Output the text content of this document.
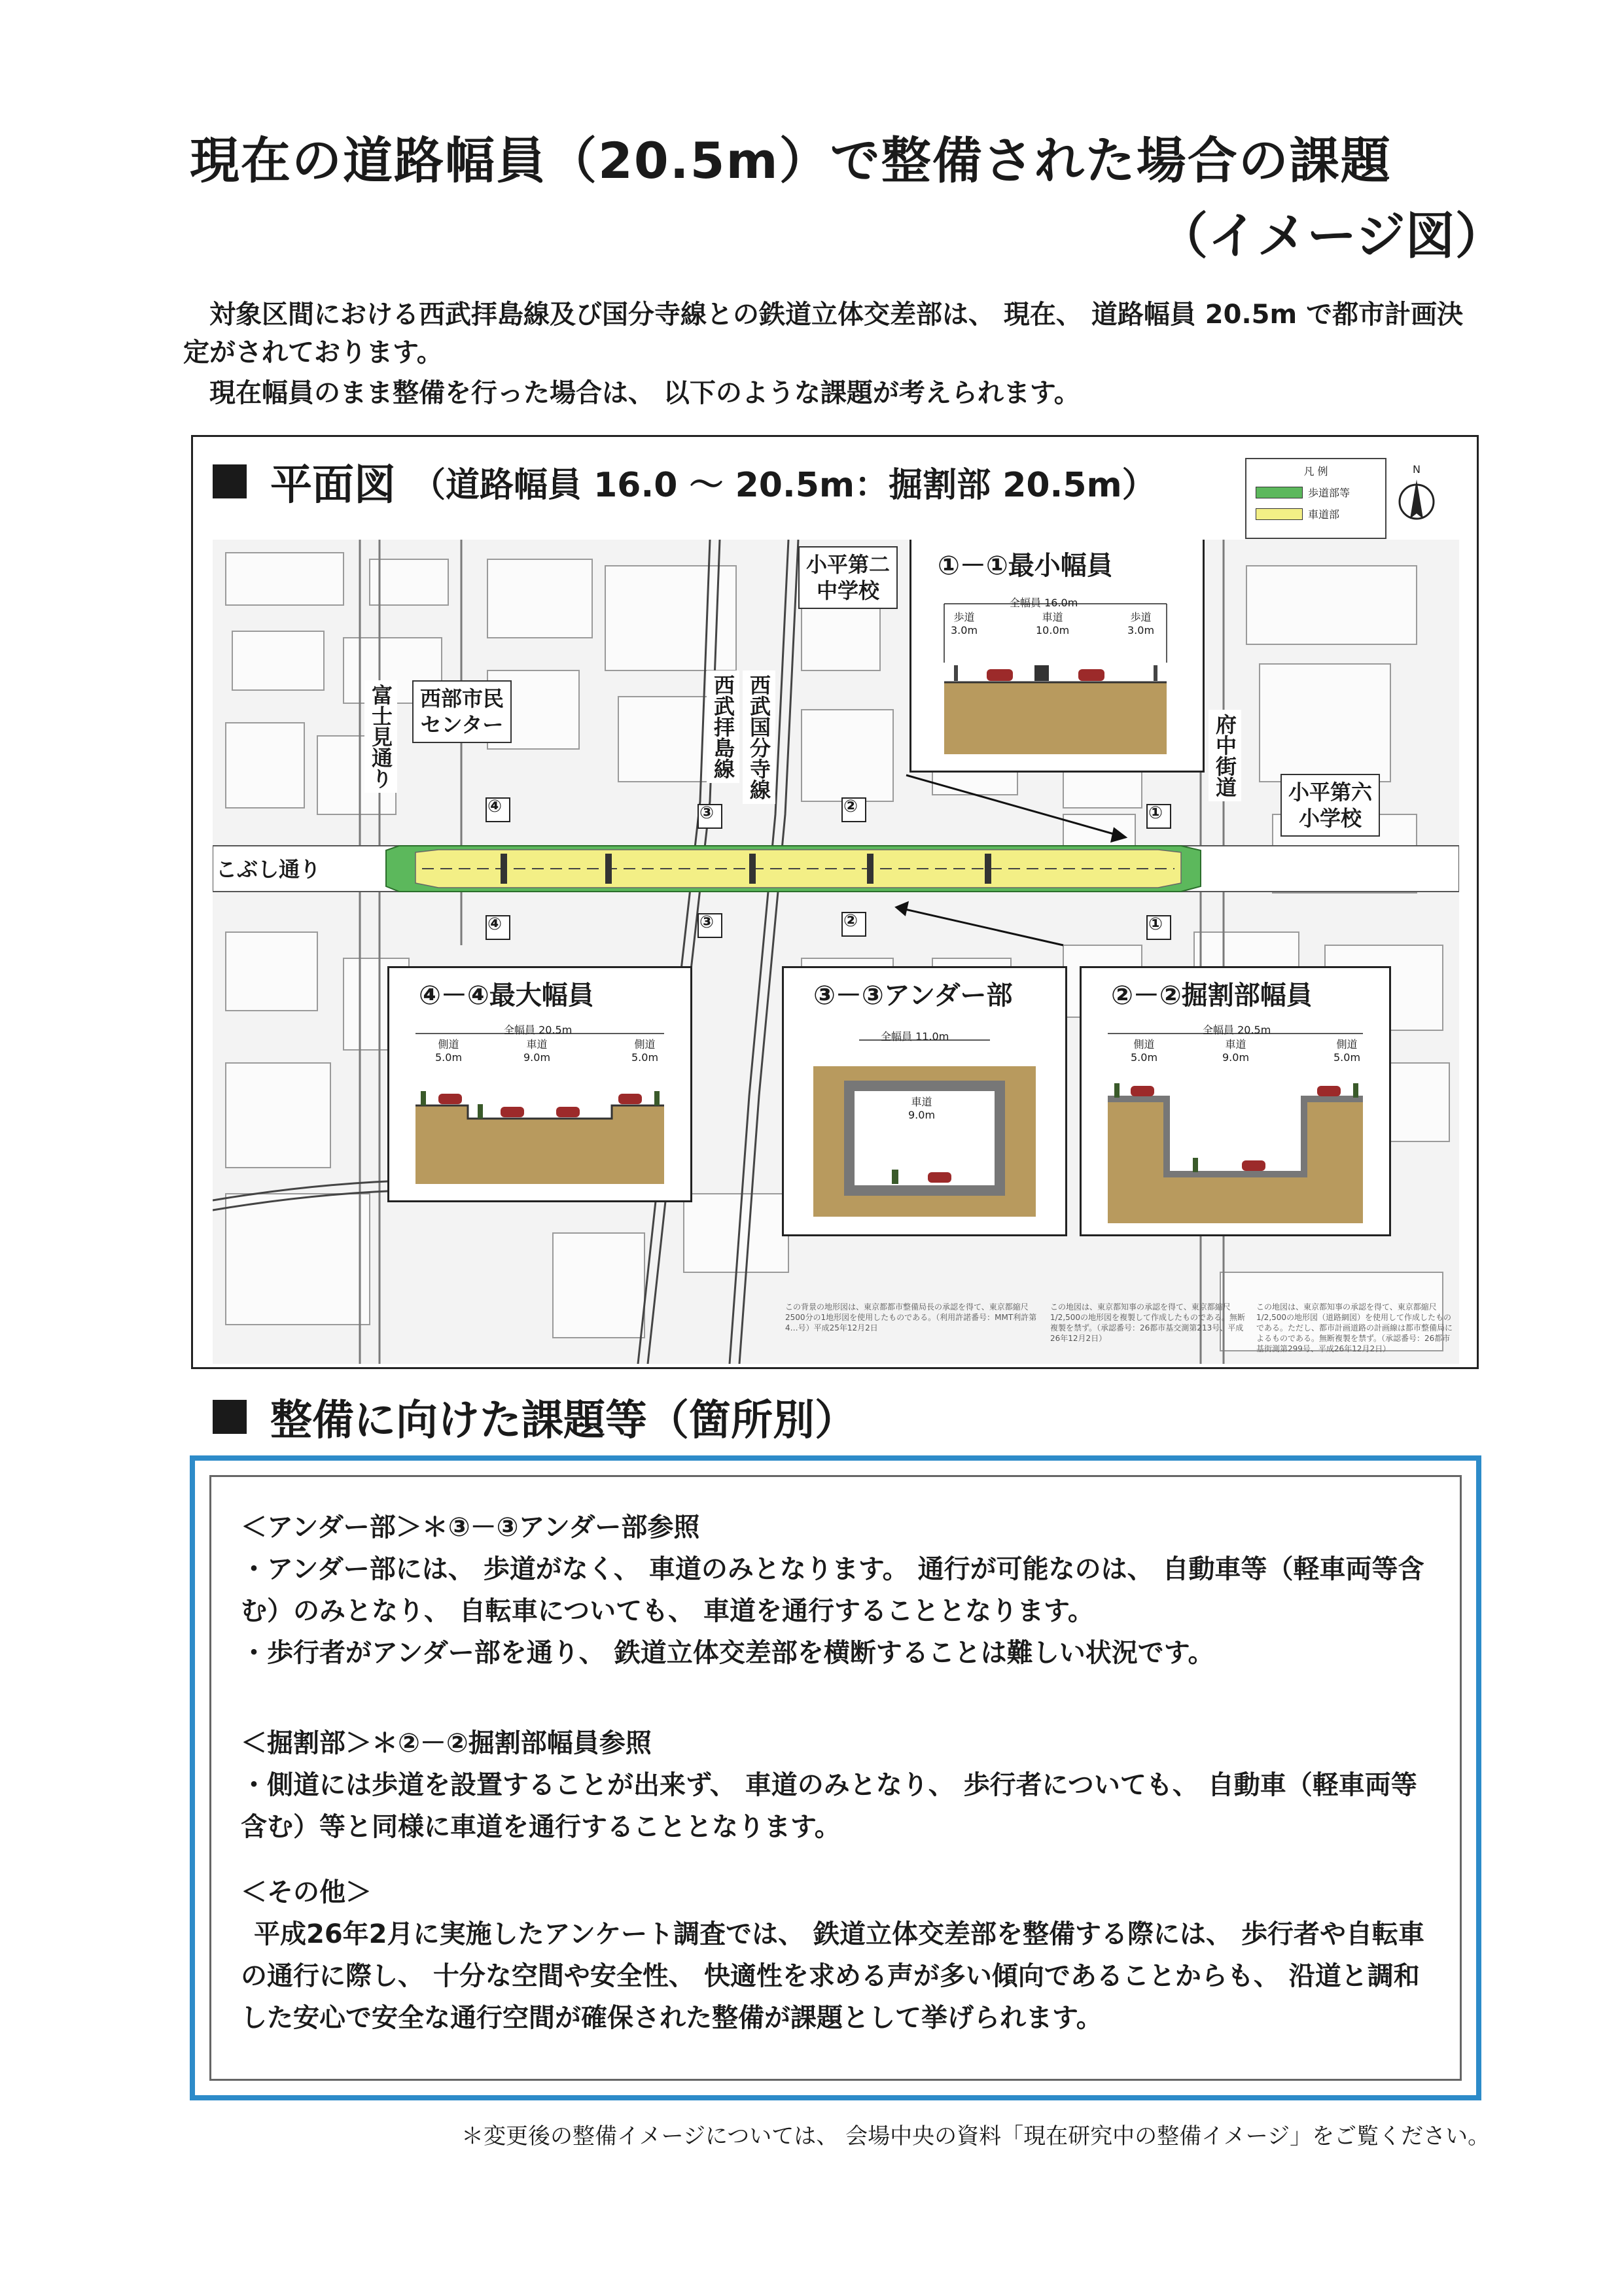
現在の道路幅員（20.5m）で整備された場合の課題
（イメージ図）
対象区間における西武拝島線及び国分寺線との鉄道立体交差部は、 現在、 道路幅員 20.5m で都市計画決定がされております。
現在幅員のまま整備を行った場合は、 以下のような課題が考えられます。
平面図 （道路幅員 16.0 ～ 20.5m：掘割部 20.5m）	凡 例
歩道部等
車道部
N
④
④
③
③
②
②
①
①
小平第二
中学校
小平第六
小学校
西部市民
センター
富士見通り
こぶし通り
西武拝島線 西武国分寺線	府中街道
①－①最小幅員
全幅員 16.0m
歩道
3.0m
車道
10.0m
歩道
3.0m
④－④最大幅員
全幅員 20.5m
側道
5.0m
車道
9.0m
側道
5.0m
③－③アンダー部
全幅員 11.0m
車道
9.0m
②－②掘割部幅員
全幅員 20.5m
側道
5.0m
車道
9.0m
側道
5.0m
この背景の地形図は、東京都都市整備局長の承認を得て、東京都縮尺2500分の1地形図を使用したものである。（利用許諾番号：MMT利許第4…号）平成25年12月2日
この地図は、東京都知事の承認を得て、東京都縮尺1/2,500の地形図を複製して作成したものである。無断複製を禁ず。（承認番号：26都市基交測第213号、平成26年12月2日）
この地図は、東京都知事の承認を得て、東京都縮尺1/2,500の地形図（道路網図）を使用して作成したものである。ただし、都市計画道路の計画線は都市整備局によるものである。無断複製を禁ず。（承認番号：26都市基街測第299号、平成26年12月2日）
整備に向けた課題等（箇所別）
＜アンダー部＞＊③－③アンダー部参照
・アンダー部には、 歩道がなく、 車道のみとなります。 通行が可能なのは、 自動車等（軽車両等含む）のみとなり、 自転車についても、 車道を通行することとなります。
・歩行者がアンダー部を通り、 鉄道立体交差部を横断することは難しい状況です。
＜掘割部＞＊②－②掘割部幅員参照
・側道には歩道を設置することが出来ず、 車道のみとなり、 歩行者についても、 自動車（軽車両等含む）等と同様に車道を通行することとなります。
＜その他＞
平成26年2月に実施したアンケート調査では、 鉄道立体交差部を整備する際には、 歩行者や自転車の通行に際し、 十分な空間や安全性、 快適性を求める声が多い傾向であることからも、 沿道と調和した安心で安全な通行空間が確保された整備が課題として挙げられます。
＊変更後の整備イメージについては、 会場中央の資料「現在研究中の整備イメージ」をご覧ください。
